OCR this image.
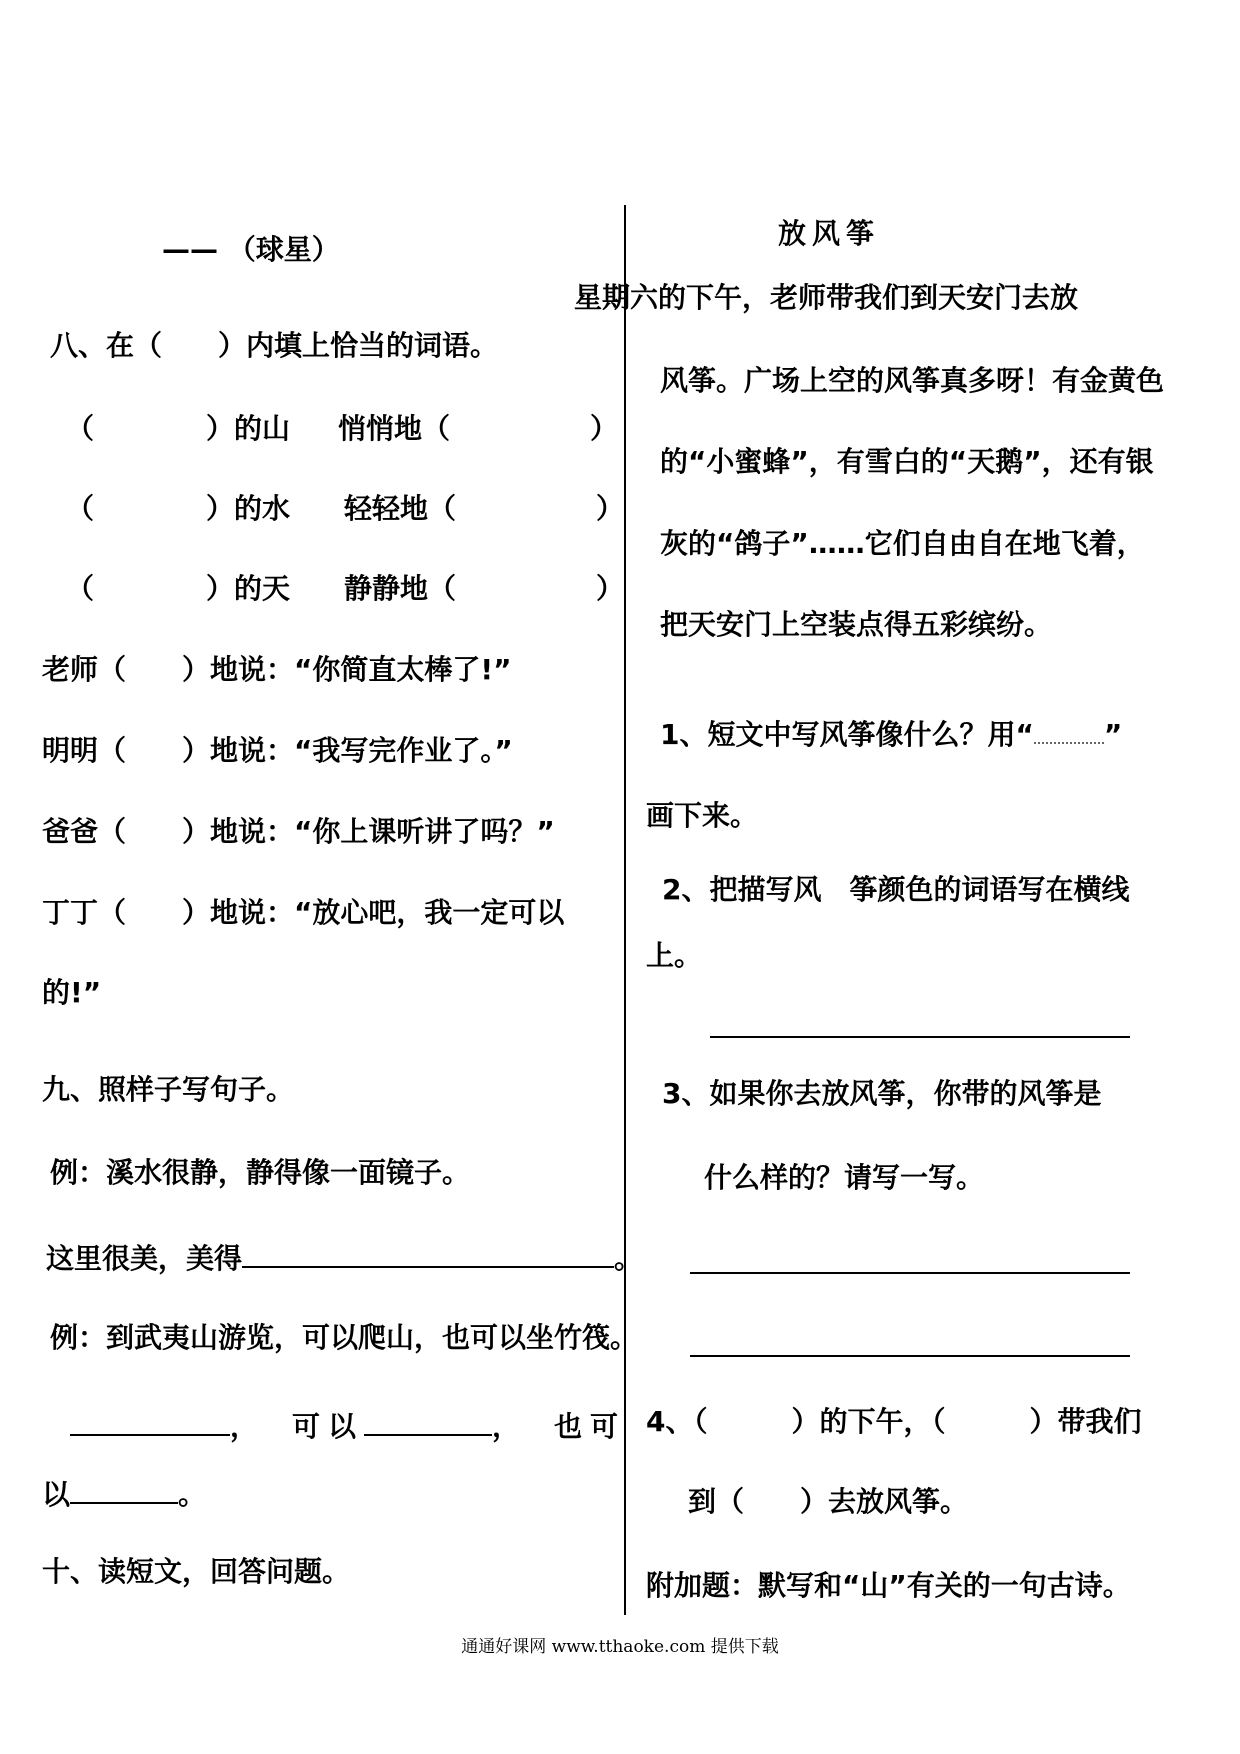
—— （球星）
八、在（　　）内填上恰当的词语。
（　　　　）的山 悄悄地（　　　　　）
（　　　　）的水 轻轻地（　　　　　）
（　　　　）的天 静静地（　　　　　）
老师（　　）地说：“你简直太棒了!”
明明（　　）地说：“我写完作业了。”
爸爸（　　）地说：“你上课听讲了吗？”
丁丁（　　）地说：“放心吧，我一定可以
的!”
九、照样子写句子。
例：溪水很静，静得像一面镜子。
这里很美，美得	。
例：到武夷山游览，可以爬山，也可以坐竹筏。
， 可以	， 也可
以	。
十、读短文，回答问题。
放风筝
星期六的下午，老师带我们到天安门去放
风筝。广场上空的风筝真多呀！有金黄色
的“小蜜蜂”，有雪白的“天鹅”，还有银
灰的“鸽子”……它们自由自在地飞着，
把天安门上空装点得五彩缤纷。
1、短文中写风筝像什么？用“	”
画下来。
2、把描写风　筝颜色的词语写在横线
上。
3、如果你去放风筝，你带的风筝是
什么样的？请写一写。
4、（　　　）的下午，（　　　）带我们
到（　　）去放风筝。
附加题：默写和“山”有关的一句古诗。
通通好课网 www.tthaoke.com 提供下载
